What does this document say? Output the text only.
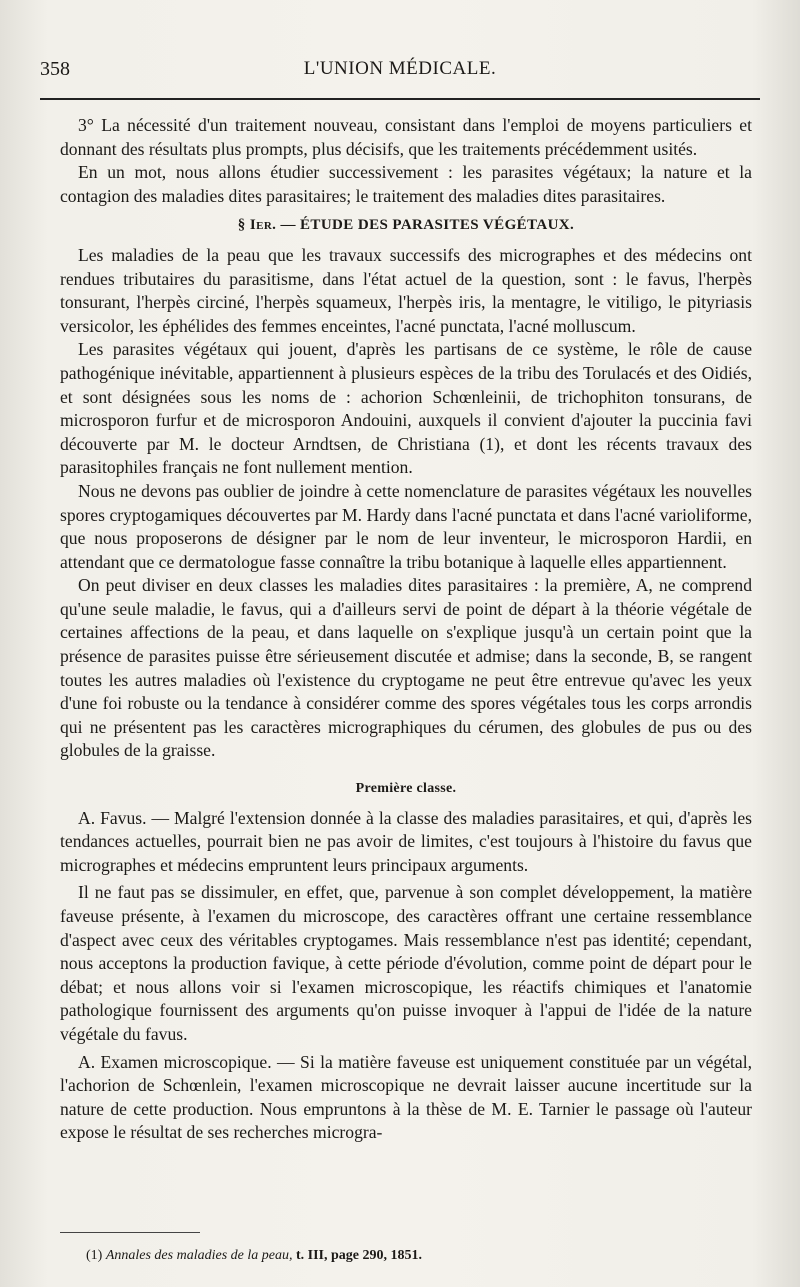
358	L'UNION MÉDICALE.

3° La nécessité d'un traitement nouveau, consistant dans l'emploi de moyens particuliers et donnant des résultats plus prompts, plus décisifs, que les traitements précédemment usités.

En un mot, nous allons étudier successivement : les parasites végétaux; la nature et la contagion des maladies dites parasitaires; le traitement des maladies dites parasitaires.

§ Ier. — ÉTUDE DES PARASITES VÉGÉTAUX.

Les maladies de la peau que les travaux successifs des micrographes et des médecins ont rendues tributaires du parasitisme, dans l'état actuel de la question, sont : le favus, l'herpès tonsurant, l'herpès circiné, l'herpès squameux, l'herpès iris, la mentagre, le vitiligo, le pityriasis versicolor, les éphélides des femmes enceintes, l'acné punctata, l'acné molluscum.

Les parasites végétaux qui jouent, d'après les partisans de ce système, le rôle de cause pathogénique inévitable, appartiennent à plusieurs espèces de la tribu des Torulacés et des Oidiés, et sont désignées sous les noms de : achorion Schœnleinii, de trichophiton tonsurans, de microsporon furfur et de microsporon Andouini, auxquels il convient d'ajouter la puccinia favi découverte par M. le docteur Arndtsen, de Christiana (1), et dont les récents travaux des parasitophiles français ne font nullement mention.

Nous ne devons pas oublier de joindre à cette nomenclature de parasites végétaux les nouvelles spores cryptogamiques découvertes par M. Hardy dans l'acné punctata et dans l'acné varioliforme, que nous proposerons de désigner par le nom de leur inventeur, le microsporon Hardii, en attendant que ce dermatologue fasse connaître la tribu botanique à laquelle elles appartiennent.

On peut diviser en deux classes les maladies dites parasitaires : la première, A, ne comprend qu'une seule maladie, le favus, qui a d'ailleurs servi de point de départ à la théorie végétale de certaines affections de la peau, et dans laquelle on s'explique jusqu'à un certain point que la présence de parasites puisse être sérieusement discutée et admise; dans la seconde, B, se rangent toutes les autres maladies où l'existence du cryptogame ne peut être entrevue qu'avec les yeux d'une foi robuste ou la tendance à considérer comme des spores végétales tous les corps arrondis qui ne présentent pas les caractères micrographiques du cérumen, des globules de pus ou des globules de la graisse.

Première classe.

A. Favus. — Malgré l'extension donnée à la classe des maladies parasitaires, et qui, d'après les tendances actuelles, pourrait bien ne pas avoir de limites, c'est toujours à l'histoire du favus que micrographes et médecins empruntent leurs principaux arguments.

Il ne faut pas se dissimuler, en effet, que, parvenue à son complet développement, la matière faveuse présente, à l'examen du microscope, des caractères offrant une certaine ressemblance d'aspect avec ceux des véritables cryptogames. Mais ressemblance n'est pas identité; cependant, nous acceptons la production favique, à cette période d'évolution, comme point de départ pour le débat; et nous allons voir si l'examen microscopique, les réactifs chimiques et l'anatomie pathologique fournissent des arguments qu'on puisse invoquer à l'appui de l'idée de la nature végétale du favus.

A. Examen microscopique. — Si la matière faveuse est uniquement constituée par un végétal, l'achorion de Schœnlein, l'examen microscopique ne devrait laisser aucune incertitude sur la nature de cette production. Nous empruntons à la thèse de M. E. Tarnier le passage où l'auteur expose le résultat de ses recherches microgra-

(1) Annales des maladies de la peau, t. III, page 290, 1851.
